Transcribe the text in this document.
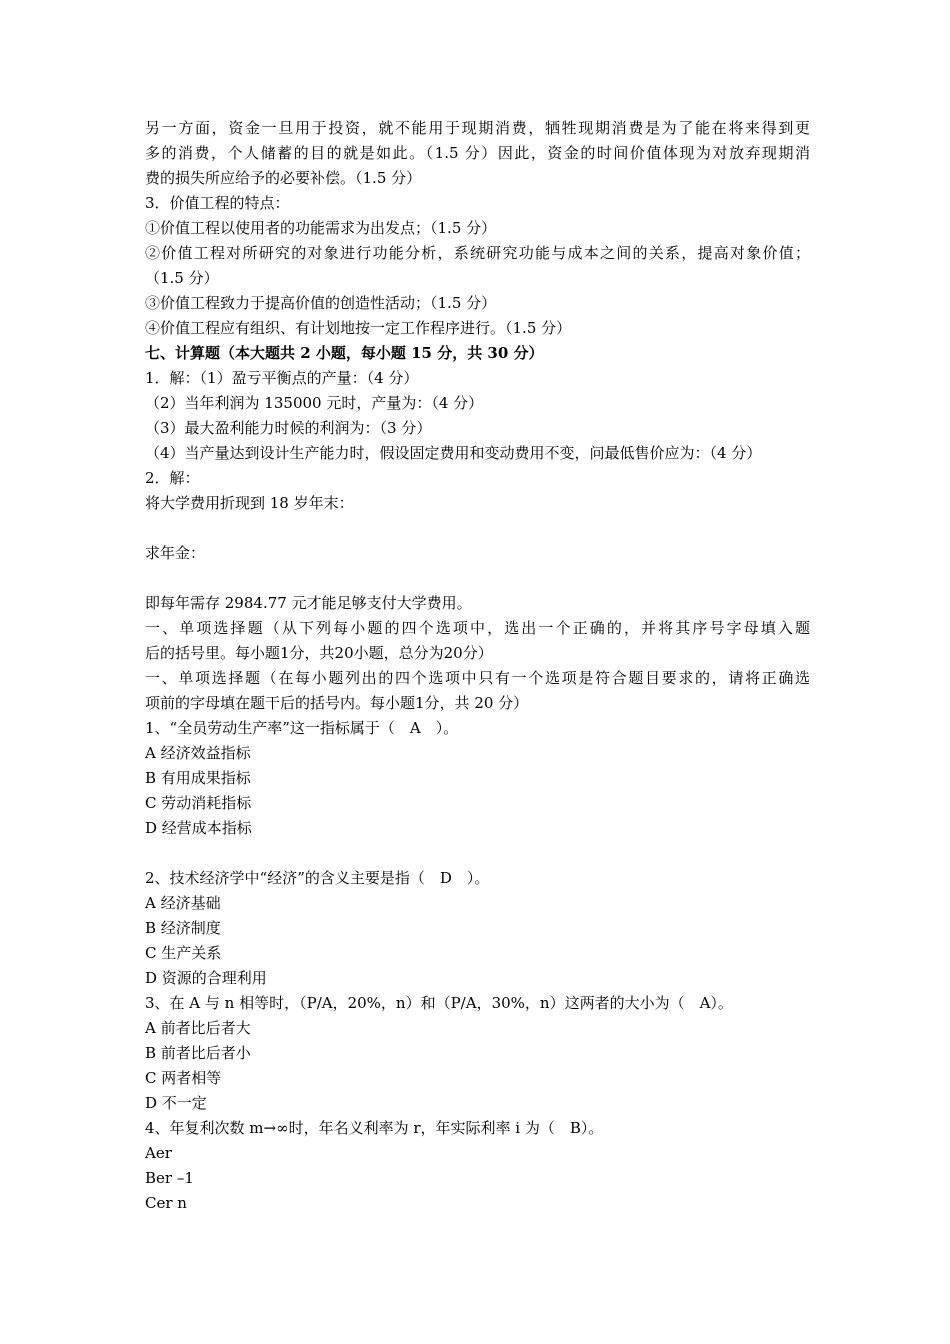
另一方面，资金一旦用于投资，就不能用于现期消费，牺牲现期消费是为了能在将来得到更
多的消费，个人储蓄的目的就是如此。（1.5 分）因此，资金的时间价值体现为对放弃现期消
费的损失所应给予的必要补偿。（1.5 分）
3．价值工程的特点：
①价值工程以使用者的功能需求为出发点；（1.5 分）
②价值工程对所研究的对象进行功能分析，系统研究功能与成本之间的关系，提高对象价值；
（1.5 分）
③价值工程致力于提高价值的创造性活动；（1.5 分）
④价值工程应有组织、有计划地按一定工作程序进行。（1.5 分）
七、计算题（本大题共 2 小题，每小题 15 分，共 30 分）
1．解：（1）盈亏平衡点的产量：（4 分）
（2）当年利润为 135000 元时，产量为：（4 分）
（3）最大盈利能力时候的利润为：（3 分）
（4）当产量达到设计生产能力时，假设固定费用和变动费用不变，问最低售价应为：（4 分）
2．解：
将大学费用折现到 18 岁年末：
求年金：
即每年需存 2984.77 元才能足够支付大学费用。
一、单项选择题（从下列每小题的四个选项中，选出一个正确的，并将其序号字母填入题
后的括号里。每小题1分，共20小题，总分为20分）
一、单项选择题（在每小题列出的四个选项中只有一个选项是符合题目要求的，请将正确选
项前的字母填在题干后的括号内。每小题1分，共 20 分）
1、“全员劳动生产率”这一指标属于（　A　）。
A 经济效益指标
B 有用成果指标
C 劳动消耗指标
D 经营成本指标
2、技术经济学中“经济”的含义主要是指（　D　）。
A 经济基础
B 经济制度
C 生产关系
D 资源的合理利用
3、在 A 与 n 相等时，（P/A，20%，n）和（P/A，30%，n）这两者的大小为（　A）。
A 前者比后者大
B 前者比后者小
C 两者相等
D 不一定
4、年复利次数 m→∞时，年名义利率为 r，年实际利率 i 为（　B）。
Aer
Ber –1
Cer n
